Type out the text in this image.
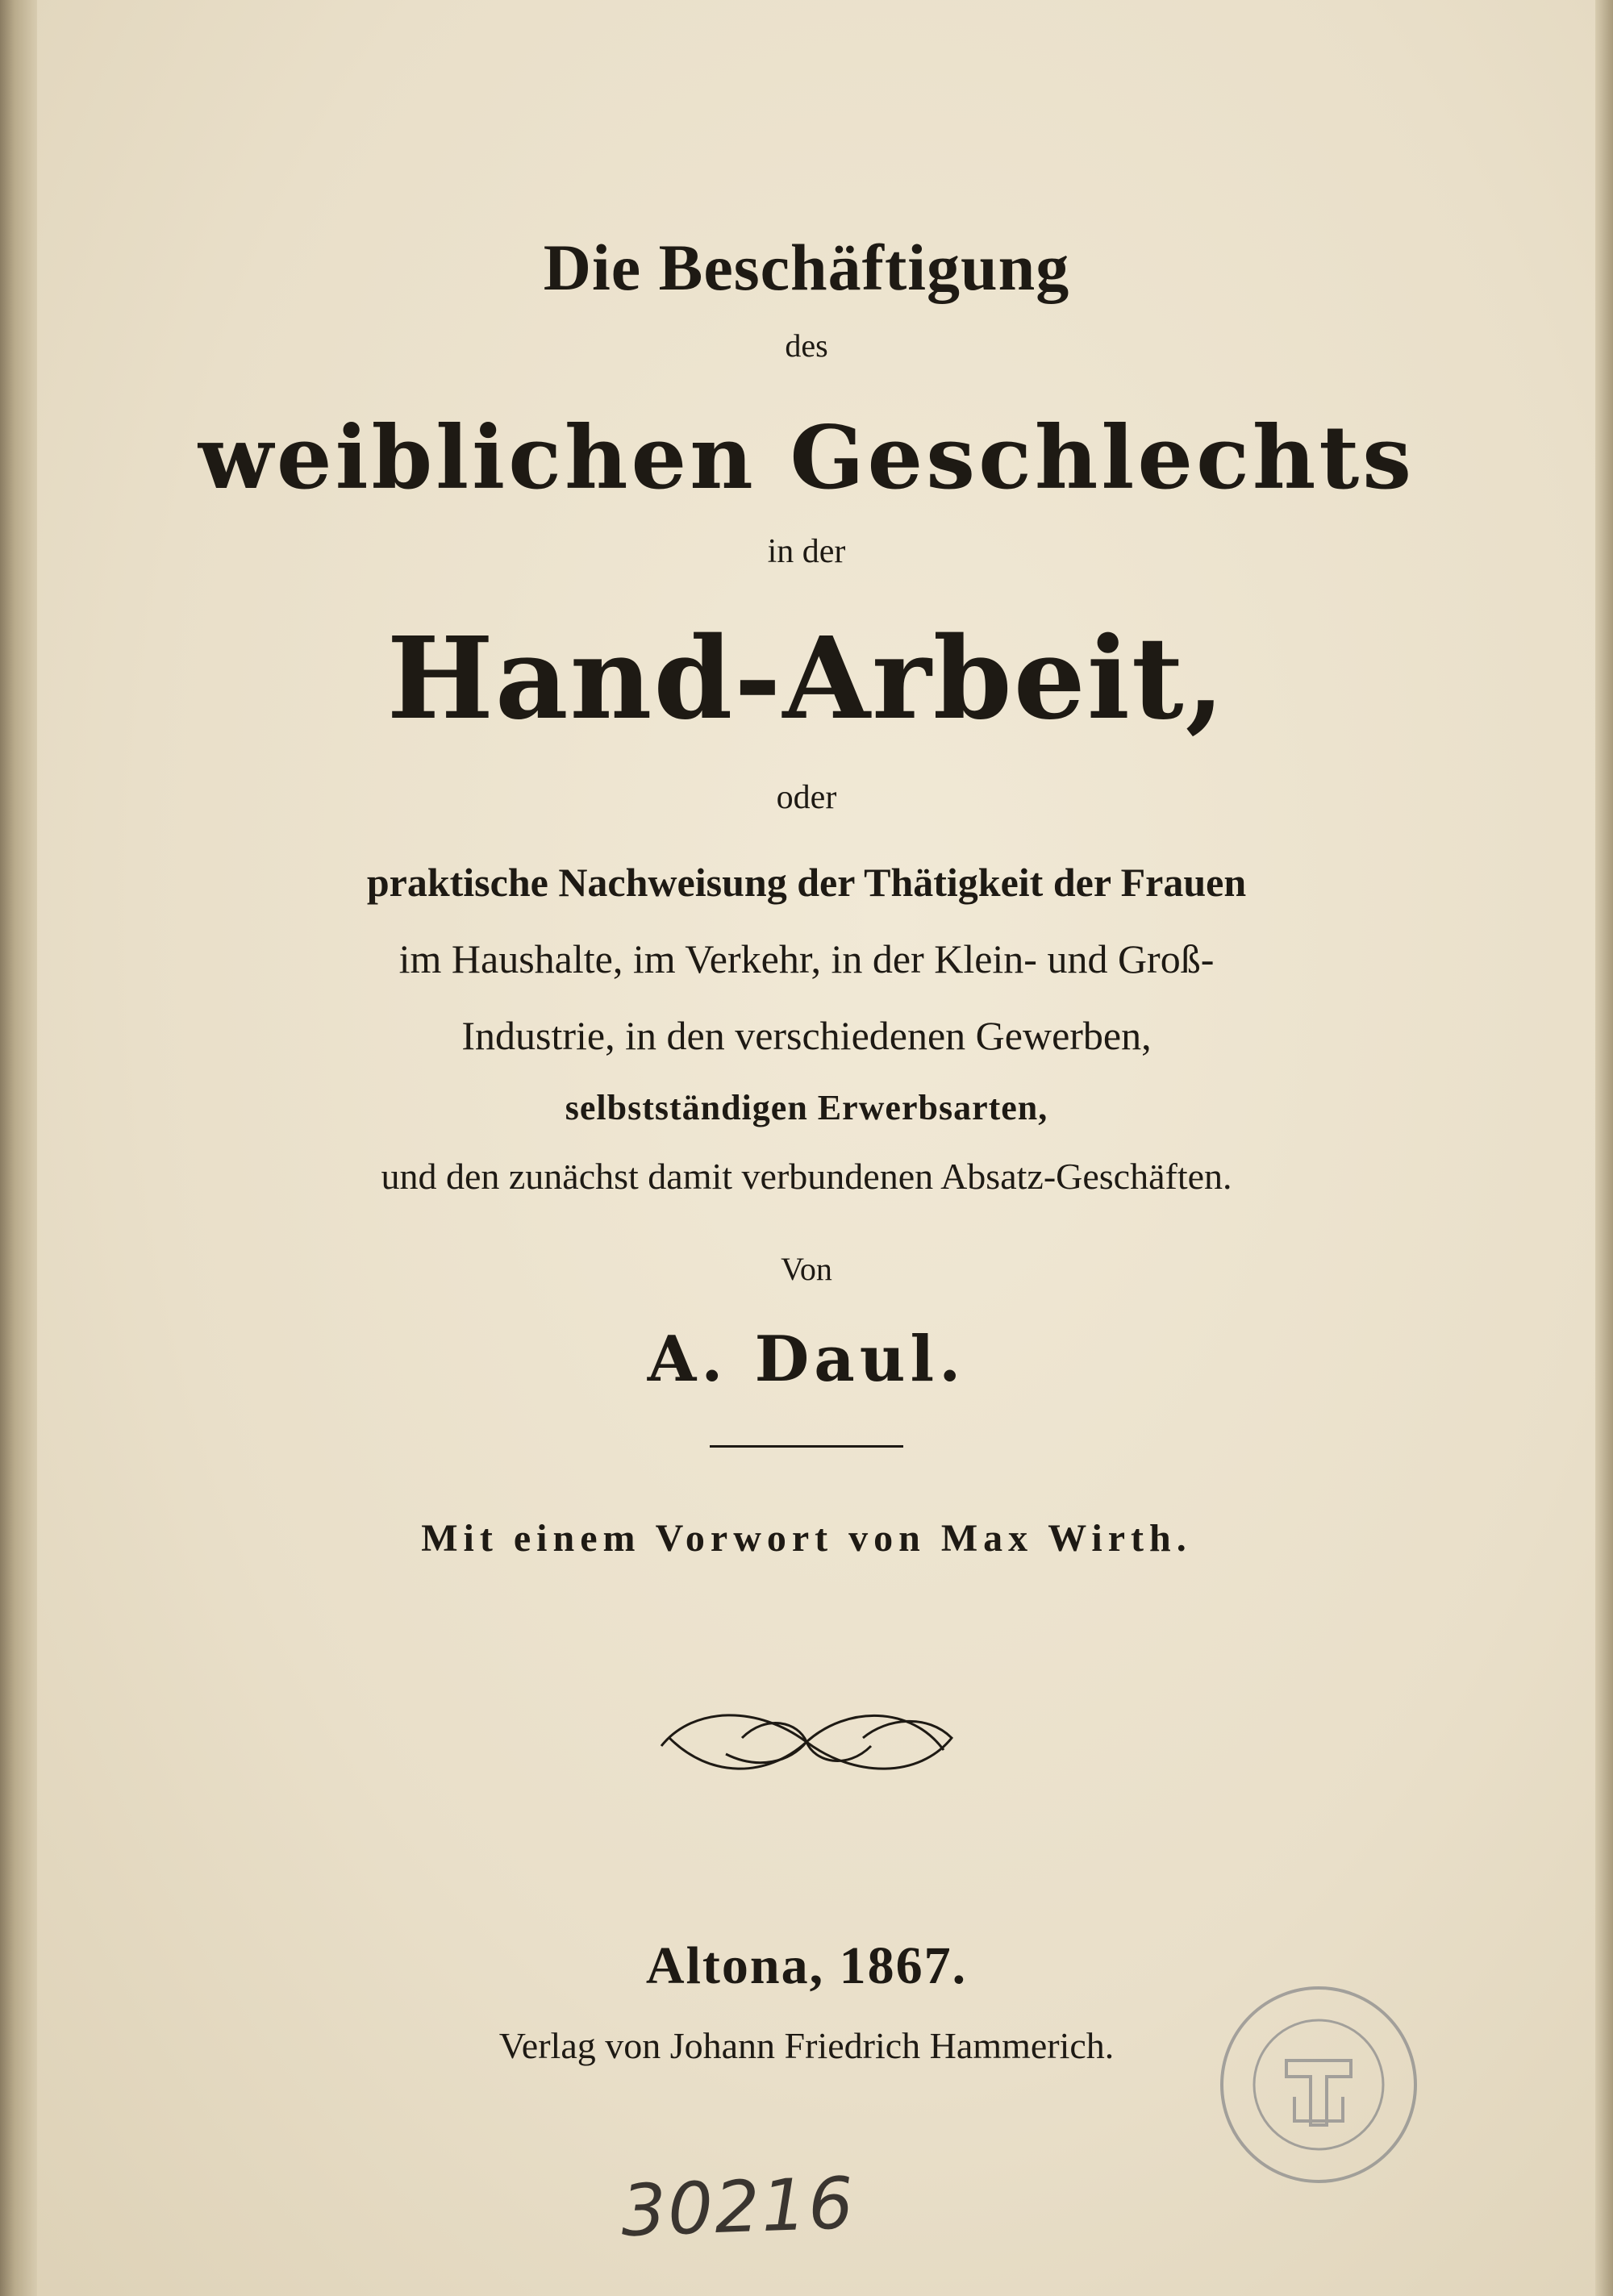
Die Beschäftigung

des

weiblichen Geschlechts

in der

Hand-Arbeit,

oder

praktische Nachweisung der Thätigkeit der Frauen

im Haushalte, im Verkehr, in der Klein- und Groß-

Industrie, in den verschiedenen Gewerben,

selbstständigen Erwerbsarten,

und den zunächst damit verbundenen Absatz-Geschäften.

Von

A. Daul.

Mit einem Vorwort von Max Wirth.

Altona, 1867.

Verlag von Johann Friedrich Hammerich.

30216
